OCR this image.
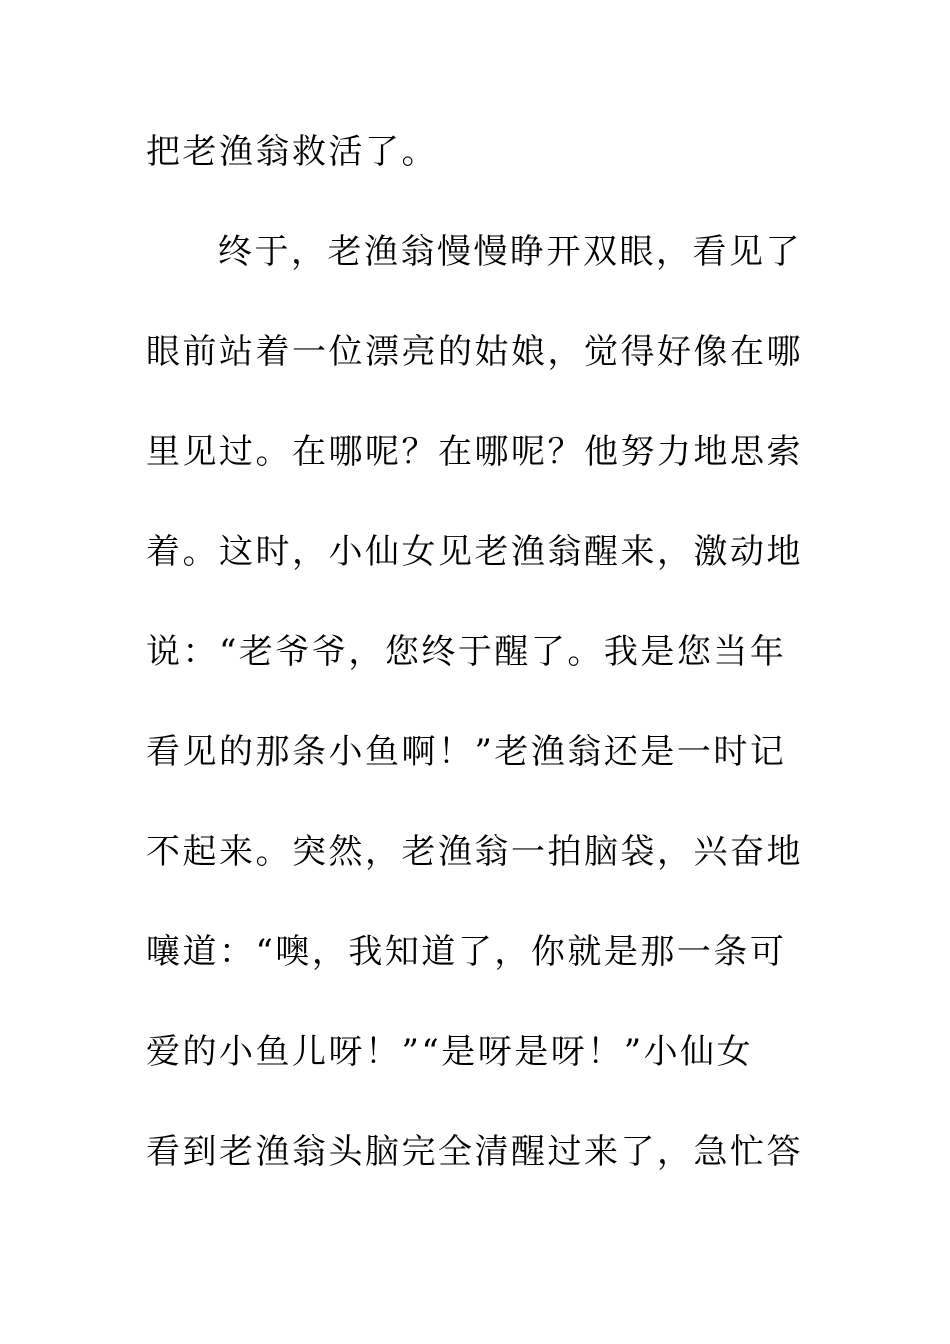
把老渔翁救活了。
终于，老渔翁慢慢睁开双眼，看见了
眼前站着一位漂亮的姑娘，觉得好像在哪
里见过。在哪呢？在哪呢？他努力地思索
着。这时，小仙女见老渔翁醒来，激动地
说：“老爷爷，您终于醒了。我是您当年
看见的那条小鱼啊！”老渔翁还是一时记
不起来。突然，老渔翁一拍脑袋，兴奋地
嚷道：“噢，我知道了，你就是那一条可
爱的小鱼儿呀！”“是呀是呀！”小仙女
看到老渔翁头脑完全清醒过来了，急忙答
